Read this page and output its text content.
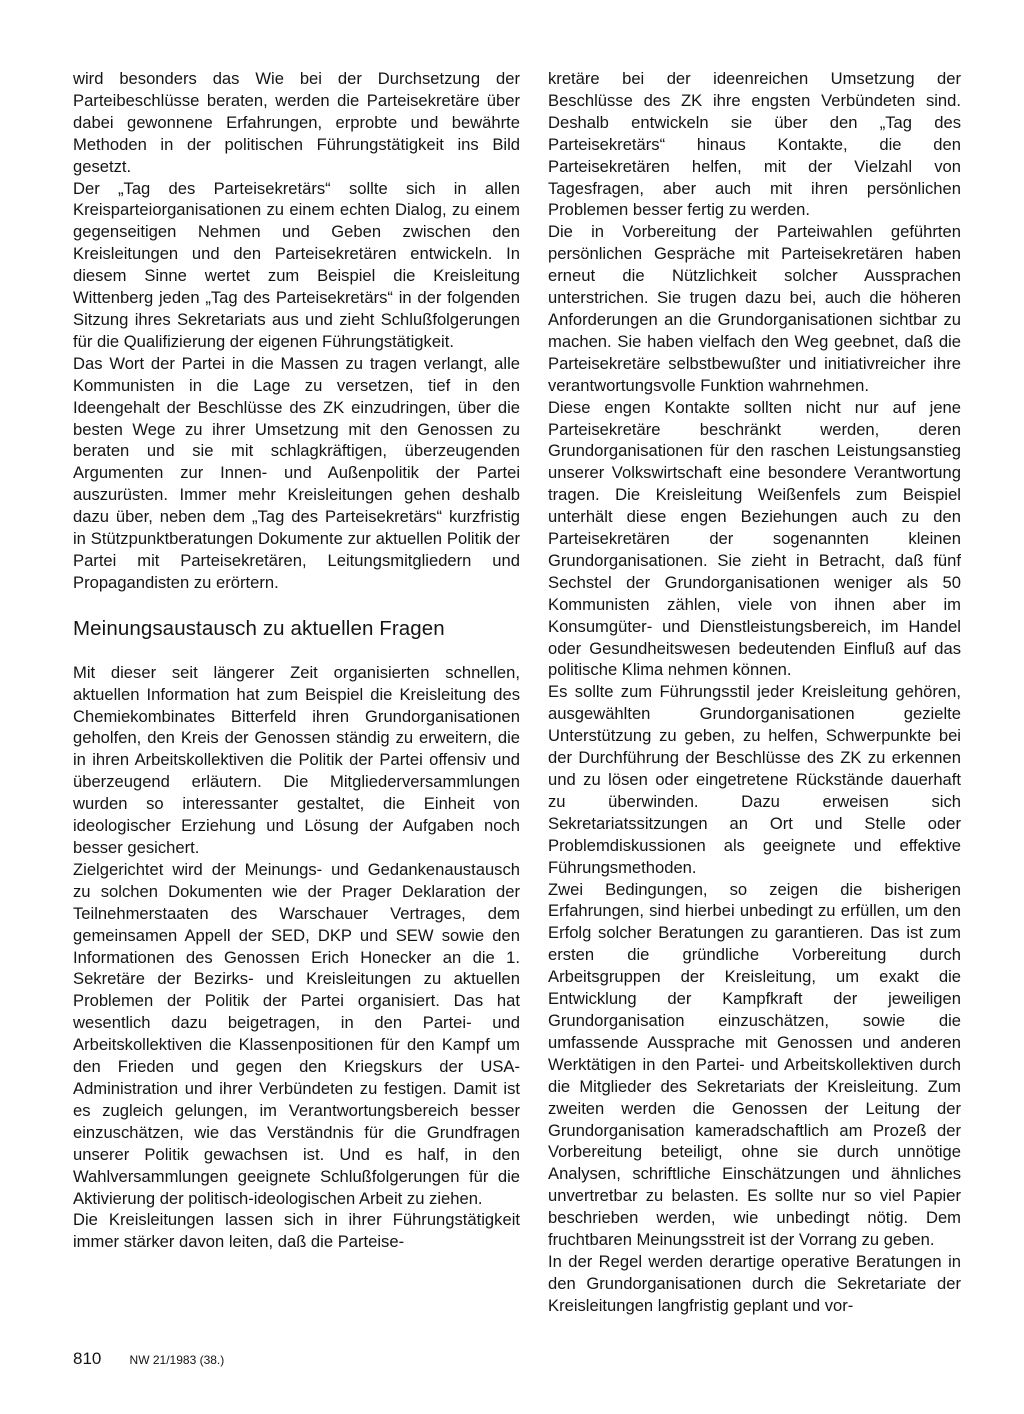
wird besonders das Wie bei der Durchsetzung der Parteibeschlüsse beraten, werden die Parteisekretäre über dabei gewonnene Erfahrungen, erprobte und bewährte Methoden in der politischen Führungstätigkeit ins Bild gesetzt.

Der „Tag des Parteisekretärs“ sollte sich in allen Kreisparteiorganisationen zu einem echten Dialog, zu einem gegenseitigen Nehmen und Geben zwischen den Kreisleitungen und den Parteisekretären entwickeln. In diesem Sinne wertet zum Beispiel die Kreisleitung Wittenberg jeden „Tag des Parteisekretärs“ in der folgenden Sitzung ihres Sekretariats aus und zieht Schlußfolgerungen für die Qualifizierung der eigenen Führungstätigkeit.

Das Wort der Partei in die Massen zu tragen verlangt, alle Kommunisten in die Lage zu versetzen, tief in den Ideengehalt der Beschlüsse des ZK einzudringen, über die besten Wege zu ihrer Umsetzung mit den Genossen zu beraten und sie mit schlagkräftigen, überzeugenden Argumenten zur Innen- und Außenpolitik der Partei auszurüsten. Immer mehr Kreisleitungen gehen deshalb dazu über, neben dem „Tag des Parteisekretärs“ kurzfristig in Stützpunktberatungen Dokumente zur aktuellen Politik der Partei mit Parteisekretären, Leitungsmitgliedern und Propagandisten zu erörtern.

Meinungsaustausch zu aktuellen Fragen

Mit dieser seit längerer Zeit organisierten schnellen, aktuellen Information hat zum Beispiel die Kreisleitung des Chemiekombinates Bitterfeld ihren Grundorganisationen geholfen, den Kreis der Genossen ständig zu erweitern, die in ihren Arbeitskollektiven die Politik der Partei offensiv und überzeugend erläutern. Die Mitgliederversammlungen wurden so interessanter gestaltet, die Einheit von ideologischer Erziehung und Lösung der Aufgaben noch besser gesichert.

Zielgerichtet wird der Meinungs- und Gedankenaustausch zu solchen Dokumenten wie der Prager Deklaration der Teilnehmerstaaten des Warschauer Vertrages, dem gemeinsamen Appell der SED, DKP und SEW sowie den Informationen des Genossen Erich Honecker an die 1. Sekretäre der Bezirks- und Kreisleitungen zu aktuellen Problemen der Politik der Partei organisiert. Das hat wesentlich dazu beigetragen, in den Partei- und Arbeitskollektiven die Klassenpositionen für den Kampf um den Frieden und gegen den Kriegskurs der USA-Administration und ihrer Verbündeten zu festigen. Damit ist es zugleich gelungen, im Verantwortungsbereich besser einzuschätzen, wie das Verständnis für die Grundfragen unserer Politik gewachsen ist. Und es half, in den Wahlversammlungen geeignete Schlußfolgerungen für die Aktivierung der politisch-ideologischen Arbeit zu ziehen.

Die Kreisleitungen lassen sich in ihrer Führungstätigkeit immer stärker davon leiten, daß die Parteise-

kretäre bei der ideenreichen Umsetzung der Beschlüsse des ZK ihre engsten Verbündeten sind. Deshalb entwickeln sie über den „Tag des Parteisekretärs“ hinaus Kontakte, die den Parteisekretären helfen, mit der Vielzahl von Tagesfragen, aber auch mit ihren persönlichen Problemen besser fertig zu werden.

Die in Vorbereitung der Parteiwahlen geführten persönlichen Gespräche mit Parteisekretären haben erneut die Nützlichkeit solcher Aussprachen unterstrichen. Sie trugen dazu bei, auch die höheren Anforderungen an die Grundorganisationen sichtbar zu machen. Sie haben vielfach den Weg geebnet, daß die Parteisekretäre selbstbewußter und initiativreicher ihre verantwortungsvolle Funktion wahrnehmen.

Diese engen Kontakte sollten nicht nur auf jene Parteisekretäre beschränkt werden, deren Grundorganisationen für den raschen Leistungsanstieg unserer Volkswirtschaft eine besondere Verantwortung tragen. Die Kreisleitung Weißenfels zum Beispiel unterhält diese engen Beziehungen auch zu den Parteisekretären der sogenannten kleinen Grundorganisationen. Sie zieht in Betracht, daß fünf Sechstel der Grundorganisationen weniger als 50 Kommunisten zählen, viele von ihnen aber im Konsumgüter- und Dienstleistungsbereich, im Handel oder Gesundheitswesen bedeutenden Einfluß auf das politische Klima nehmen können.

Es sollte zum Führungsstil jeder Kreisleitung gehören, ausgewählten Grundorganisationen gezielte Unterstützung zu geben, zu helfen, Schwerpunkte bei der Durchführung der Beschlüsse des ZK zu erkennen und zu lösen oder eingetretene Rückstände dauerhaft zu überwinden. Dazu erweisen sich Sekretariatssitzungen an Ort und Stelle oder Problemdiskussionen als geeignete und effektive Führungsmethoden.

Zwei Bedingungen, so zeigen die bisherigen Erfahrungen, sind hierbei unbedingt zu erfüllen, um den Erfolg solcher Beratungen zu garantieren. Das ist zum ersten die gründliche Vorbereitung durch Arbeitsgruppen der Kreisleitung, um exakt die Entwicklung der Kampfkraft der jeweiligen Grundorganisation einzuschätzen, sowie die umfassende Aussprache mit Genossen und anderen Werktätigen in den Partei- und Arbeitskollektiven durch die Mitglieder des Sekretariats der Kreisleitung. Zum zweiten werden die Genossen der Leitung der Grundorganisation kameradschaftlich am Prozeß der Vorbereitung beteiligt, ohne sie durch unnötige Analysen, schriftliche Einschätzungen und ähnliches unvertretbar zu belasten. Es sollte nur so viel Papier beschrieben werden, wie unbedingt nötig. Dem fruchtbaren Meinungsstreit ist der Vorrang zu geben.

In der Regel werden derartige operative Beratungen in den Grundorganisationen durch die Sekretariate der Kreisleitungen langfristig geplant und vor-

810 NW 21/1983 (38.)
